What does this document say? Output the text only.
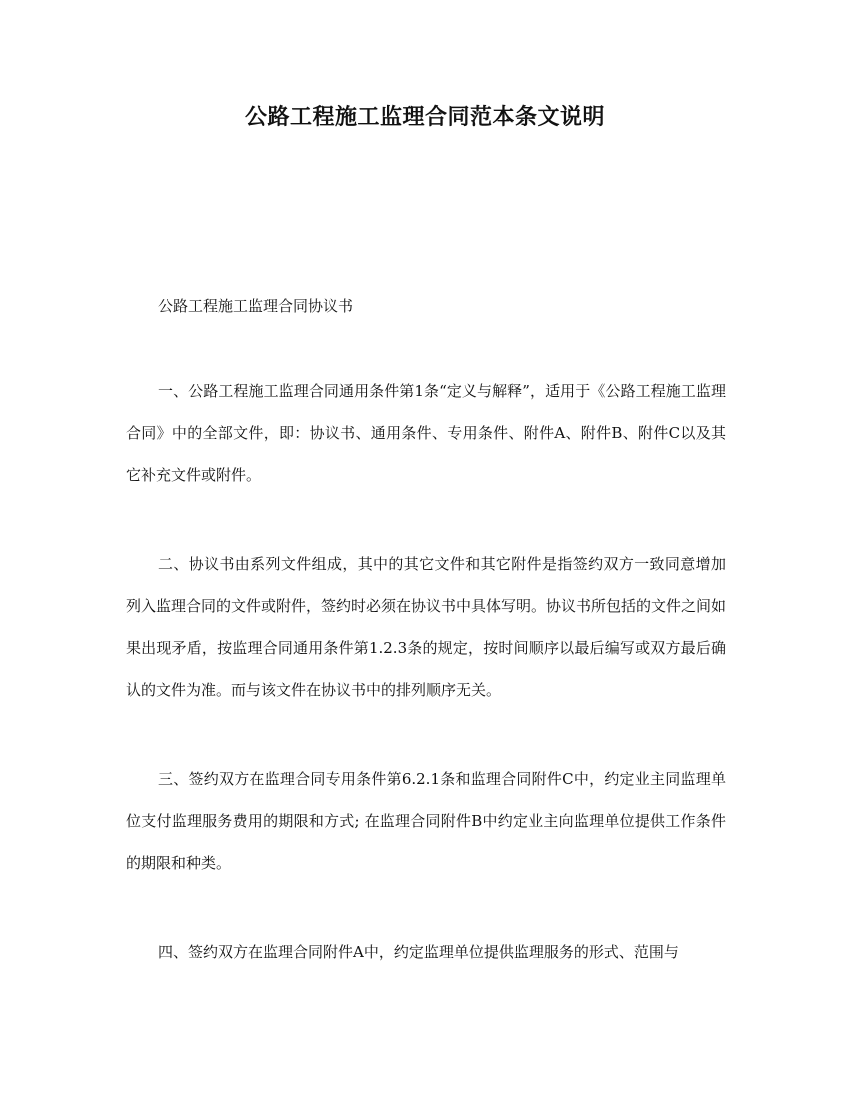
公路工程施工监理合同范本条文说明

公路工程施工监理合同协议书

一、公路工程施工监理合同通用条件第1条“定义与解释”，适用于《公路工程施工监理合同》中的全部文件，即：协议书、通用条件、专用条件、附件A、附件B、附件C以及其它补充文件或附件。

二、协议书由系列文件组成，其中的其它文件和其它附件是指签约双方一致同意增加列入监理合同的文件或附件，签约时必须在协议书中具体写明。协议书所包括的文件之间如果出现矛盾，按监理合同通用条件第1.2.3条的规定，按时间顺序以最后编写或双方最后确认的文件为准。而与该文件在协议书中的排列顺序无关。

三、签约双方在监理合同专用条件第6.2.1条和监理合同附件C中，约定业主同监理单位支付监理服务费用的期限和方式; 在监理合同附件B中约定业主向监理单位提供工作条件的期限和种类。

四、签约双方在监理合同附件A中，约定监理单位提供监理服务的形式、范围与
